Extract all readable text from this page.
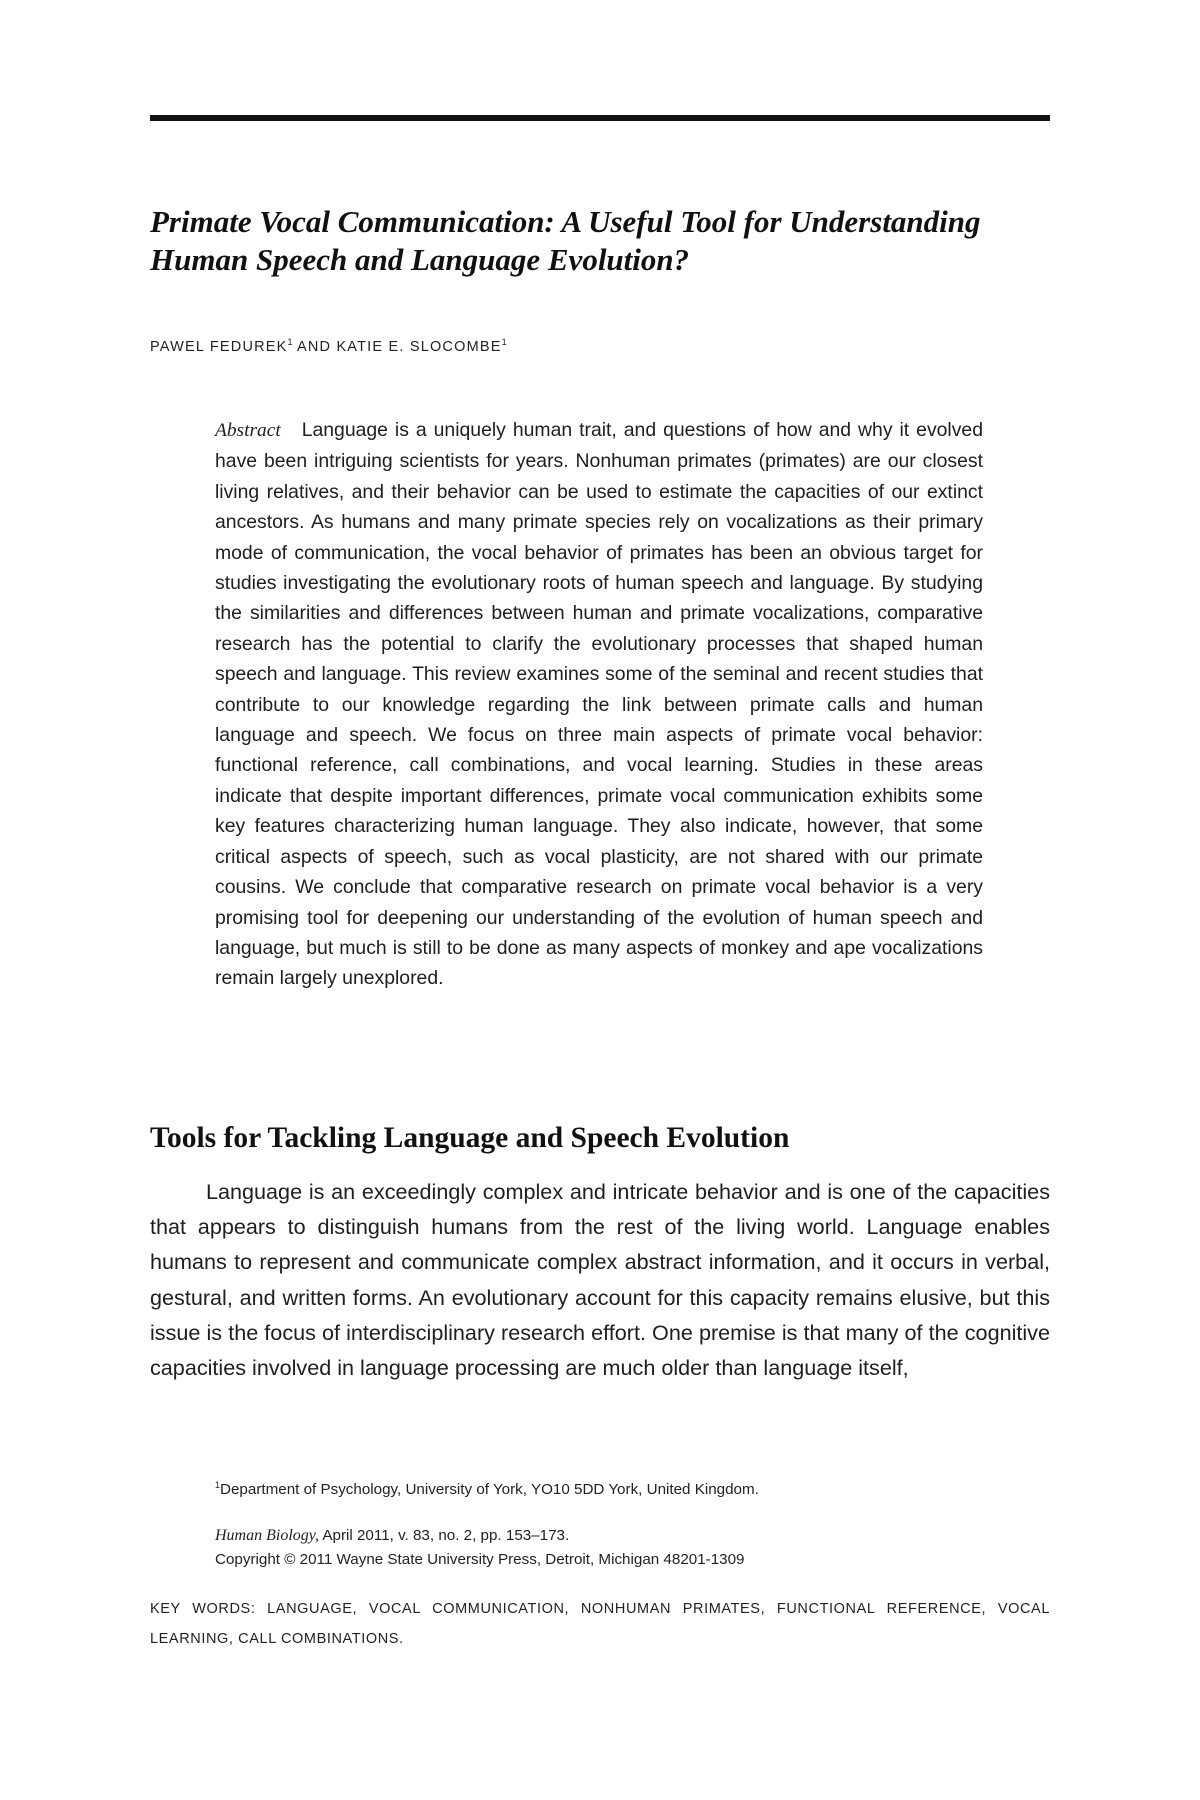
Primate Vocal Communication: A Useful Tool for Understanding Human Speech and Language Evolution?
PAWEL FEDUREK$^1$ AND KATIE E. SLOCOMBE$^1$

Abstract Language is a uniquely human trait, and questions of how and why it evolved have been intriguing scientists for years. Nonhuman primates (primates) are our closest living relatives, and their behavior can be used to estimate the capacities of our extinct ancestors. As humans and many primate species rely on vocalizations as their primary mode of communication, the vocal behavior of primates has been an obvious target for studies investigating the evolutionary roots of human speech and language. By studying the similarities and differences between human and primate vocalizations, comparative research has the potential to clarify the evolutionary processes that shaped human speech and language. This review examines some of the seminal and recent studies that contribute to our knowledge regarding the link between primate calls and human language and speech. We focus on three main aspects of primate vocal behavior: functional reference, call combinations, and vocal learning. Studies in these areas indicate that despite important differences, primate vocal communication exhibits some key features characterizing human language. They also indicate, however, that some critical aspects of speech, such as vocal plasticity, are not shared with our primate cousins. We conclude that comparative research on primate vocal behavior is a very promising tool for deepening our understanding of the evolution of human speech and language, but much is still to be done as many aspects of monkey and ape vocalizations remain largely unexplored.

Tools for Tackling Language and Speech Evolution

Language is an exceedingly complex and intricate behavior and is one of the capacities that appears to distinguish humans from the rest of the living world. Language enables humans to represent and communicate complex abstract information, and it occurs in verbal, gestural, and written forms. An evolutionary account for this capacity remains elusive, but this issue is the focus of interdisciplinary research effort. One premise is that many of the cognitive capacities involved in language processing are much older than language itself,

$^1$Department of Psychology, University of York, YO10 5DD York, United Kingdom.
Human Biology, April 2011, v. 83, no. 2, pp. 153–173.
Copyright © 2011 Wayne State University Press, Detroit, Michigan 48201-1309

KEY WORDS: LANGUAGE, VOCAL COMMUNICATION, NONHUMAN PRIMATES, FUNCTIONAL REFERENCE, VOCAL LEARNING, CALL COMBINATIONS.
